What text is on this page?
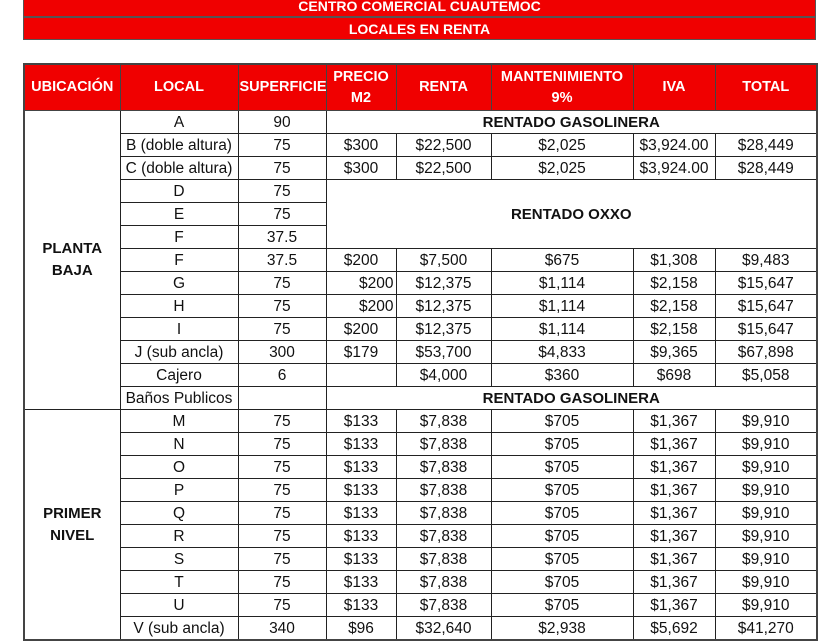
CENTRO COMERCIAL CUAUTEMOC
LOCALES EN RENTA
UBICACIÓN	LOCAL	SUPERFICIE	PRECIO M2	RENTA	MANTENIMIENTO 9%	IVA	TOTAL
PLANTA BAJA	A	90	RENTADO GASOLINERA				
	B (doble altura)	75	$300	$22,500	$2,025	$3,924.00	$28,449
	C (doble altura)	75	$300	$22,500	$2,025	$3,924.00	$28,449
	D	75	RENTADO OXXO				
	E	75					
	F	37.5					
	F	37.5	$200	$7,500	$675	$1,308	$9,483
	G	75	$200	$12,375	$1,114	$2,158	$15,647
	H	75	$200	$12,375	$1,114	$2,158	$15,647
	I	75	$200	$12,375	$1,114	$2,158	$15,647
	J (sub ancla)	300	$179	$53,700	$4,833	$9,365	$67,898
	Cajero	6		$4,000	$360	$698	$5,058
	Baños Publicos		RENTADO GASOLINERA				
PRIMER NIVEL	M	75	$133	$7,838	$705	$1,367	$9,910
	N	75	$133	$7,838	$705	$1,367	$9,910
	O	75	$133	$7,838	$705	$1,367	$9,910
	P	75	$133	$7,838	$705	$1,367	$9,910
	Q	75	$133	$7,838	$705	$1,367	$9,910
	R	75	$133	$7,838	$705	$1,367	$9,910
	S	75	$133	$7,838	$705	$1,367	$9,910
	T	75	$133	$7,838	$705	$1,367	$9,910
	U	75	$133	$7,838	$705	$1,367	$9,910
	V (sub ancla)	340	$96	$32,640	$2,938	$5,692	$41,270
